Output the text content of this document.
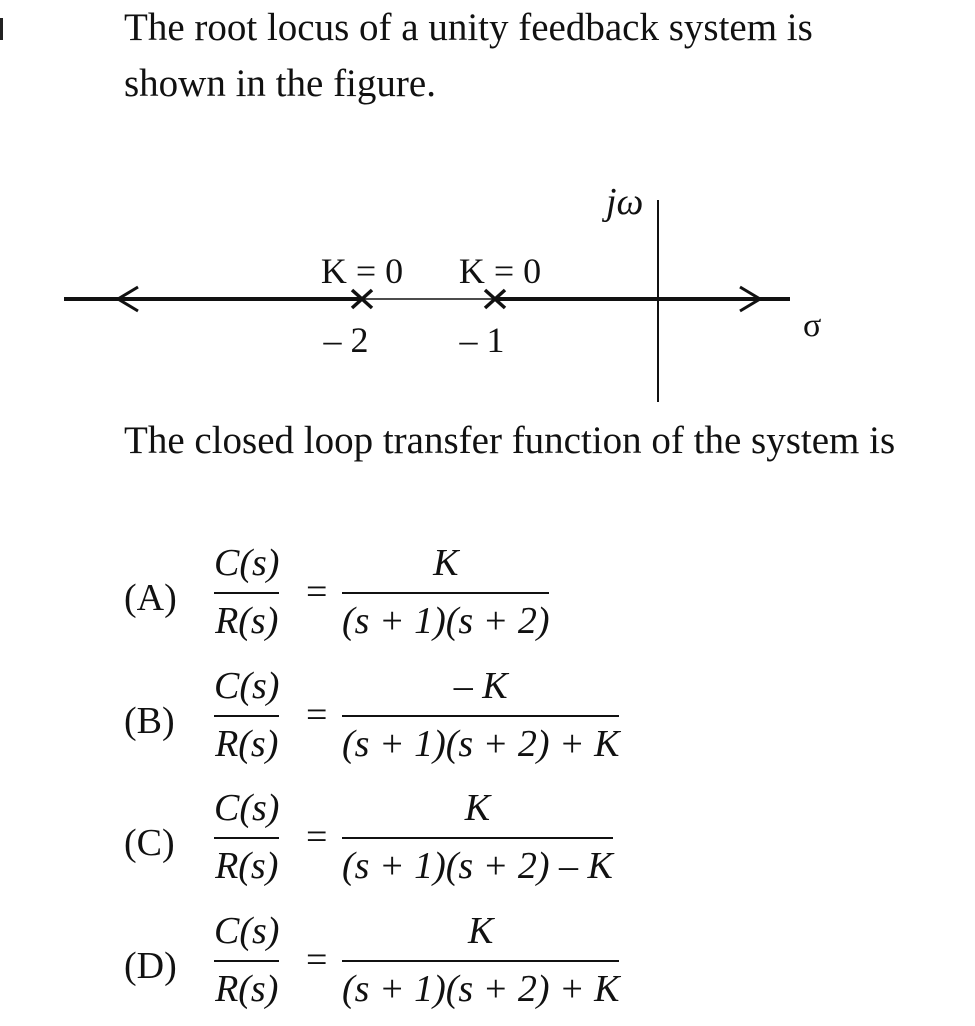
The root locus of a unity feedback system is shown in the figure.

jω
σ
K = 0 K = 0
– 2	– 1

The closed loop transfer function of the system is

(A)
C(s)
R(s)
=
K
(s + 1)(s + 2)
(B)
C(s)
R(s)
=
– K
(s + 1)(s + 2) + K
(C)
C(s)
R(s)
=
K
(s + 1)(s + 2) – K
(D)
C(s)
R(s)
=
K
(s + 1)(s + 2) + K
